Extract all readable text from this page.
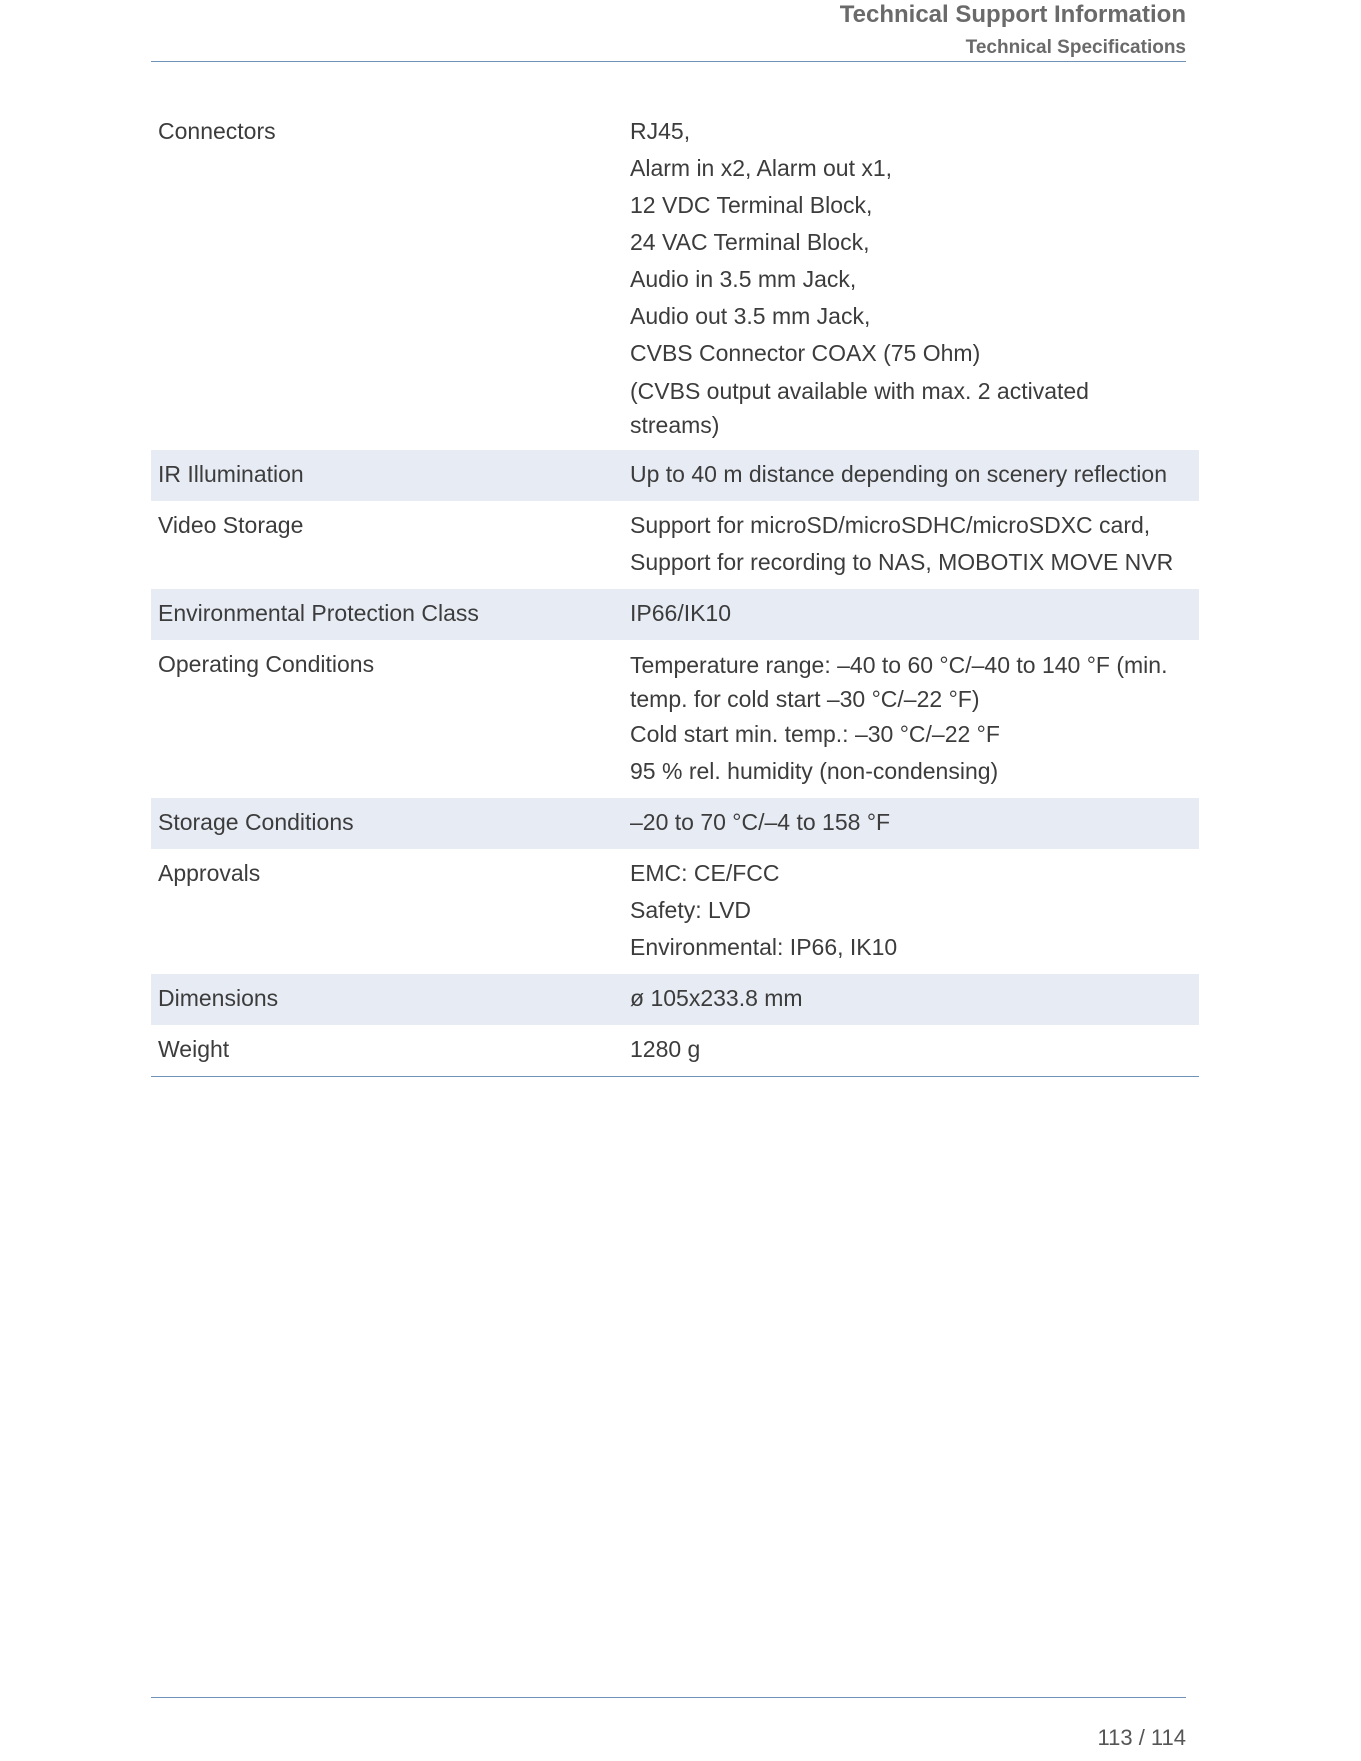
Technical Support Information
Technical Specifications
Connectors	RJ45,
Alarm in x2, Alarm out x1,
12 VDC Terminal Block,
24 VAC Terminal Block,
Audio in 3.5 mm Jack,
Audio out 3.5 mm Jack,
CVBS Connector COAX (75 Ohm)
(CVBS output available with max. 2 activated
streams)
IR Illumination	Up to 40 m distance depending on scenery reflection
Video Storage	Support for microSD/microSDHC/microSDXC card,
Support for recording to NAS, MOBOTIX MOVE NVR
Environmental Protection Class	IP66/IK10
Operating Conditions	Temperature range: –40 to 60 °C/–40 to 140 °F (min.
temp. for cold start –30 °C/–22 °F)
Cold start min. temp.: –30 °C/–22 °F
95 % rel. humidity (non-condensing)
Storage Conditions	–20 to 70 °C/–4 to 158 °F
Approvals	EMC: CE/FCC
Safety: LVD
Environmental: IP66, IK10
Dimensions	ø 105x233.8 mm
Weight	1280 g
113 / 114
